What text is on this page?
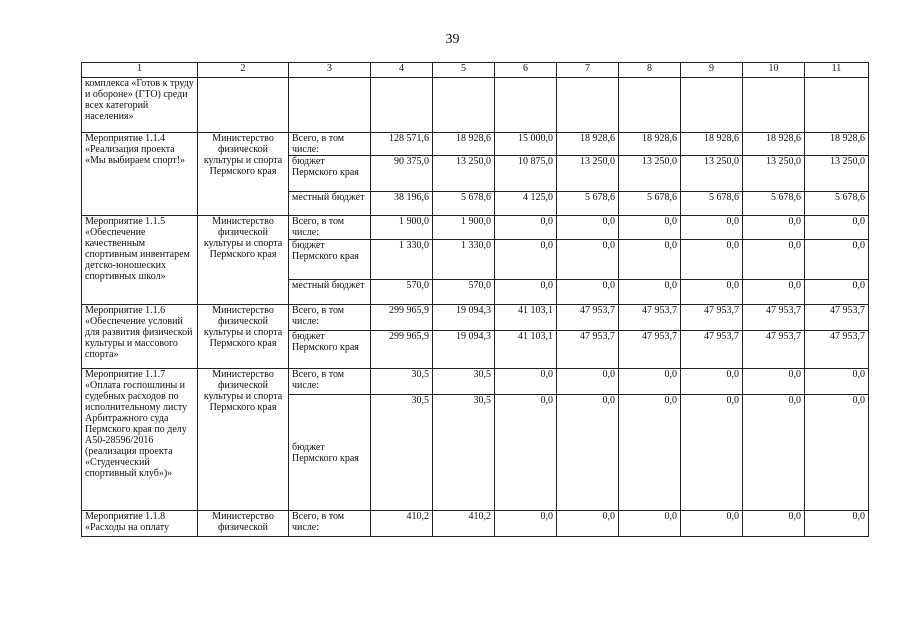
39
1	2	3	4	5	6	7	8	9	10	11
комплекса «Готов к труду и обороне» (ГТО) среди всех категорий населения»										
Мероприятие 1.1.4 «Реализация проекта «Мы выбираем спорт!»	Министерство физической культуры и спорта Пермского края	Всего, в том числе:	128 571,6	18 928,6	15 000,0	18 928,6	18 928,6	18 928,6	18 928,6	18 928,6
		бюджет Пермского края	90 375,0	13 250,0	10 875,0	13 250,0	13 250,0	13 250,0	13 250,0	13 250,0
		местный бюджет	38 196,6	5 678,6	4 125,0	5 678,6	5 678,6	5 678,6	5 678,6	5 678,6
Мероприятие 1.1.5 «Обеспечение качественным спортивным инвентарем детско-юношеских спортивных школ»	Министерство физической культуры и спорта Пермского края	Всего, в том числе:	1 900,0	1 900,0	0,0	0,0	0,0	0,0	0,0	0,0
		бюджет Пермского края	1 330,0	1 330,0	0,0	0,0	0,0	0,0	0,0	0,0
		местный бюджет	570,0	570,0	0,0	0,0	0,0	0,0	0,0	0,0
Мероприятие 1.1.6 «Обеспечение условий для развития физической культуры и массового спорта»	Министерство физической культуры и спорта Пермского края	Всего, в том числе:	299 965,9	19 094,3	41 103,1	47 953,7	47 953,7	47 953,7	47 953,7	47 953,7
		бюджет Пермского края	299 965,9	19 094,3	41 103,1	47 953,7	47 953,7	47 953,7	47 953,7	47 953,7
Мероприятие 1.1.7 «Оплата госпошлины и судебных расходов по исполнительному листу Арбитражного суда Пермского края по делу А50-28596/2016 (реализация проекта «Студенческий спортивный клуб»)»	Министерство физической культуры и спорта Пермского края	Всего, в том числе:	30,5	30,5	0,0	0,0	0,0	0,0	0,0	0,0
		бюджет Пермского края	30,5	30,5	0,0	0,0	0,0	0,0	0,0	0,0
Мероприятие 1.1.8 «Расходы на оплату	Министерство физической	Всего, в том числе:	410,2	410,2	0,0	0,0	0,0	0,0	0,0	0,0
